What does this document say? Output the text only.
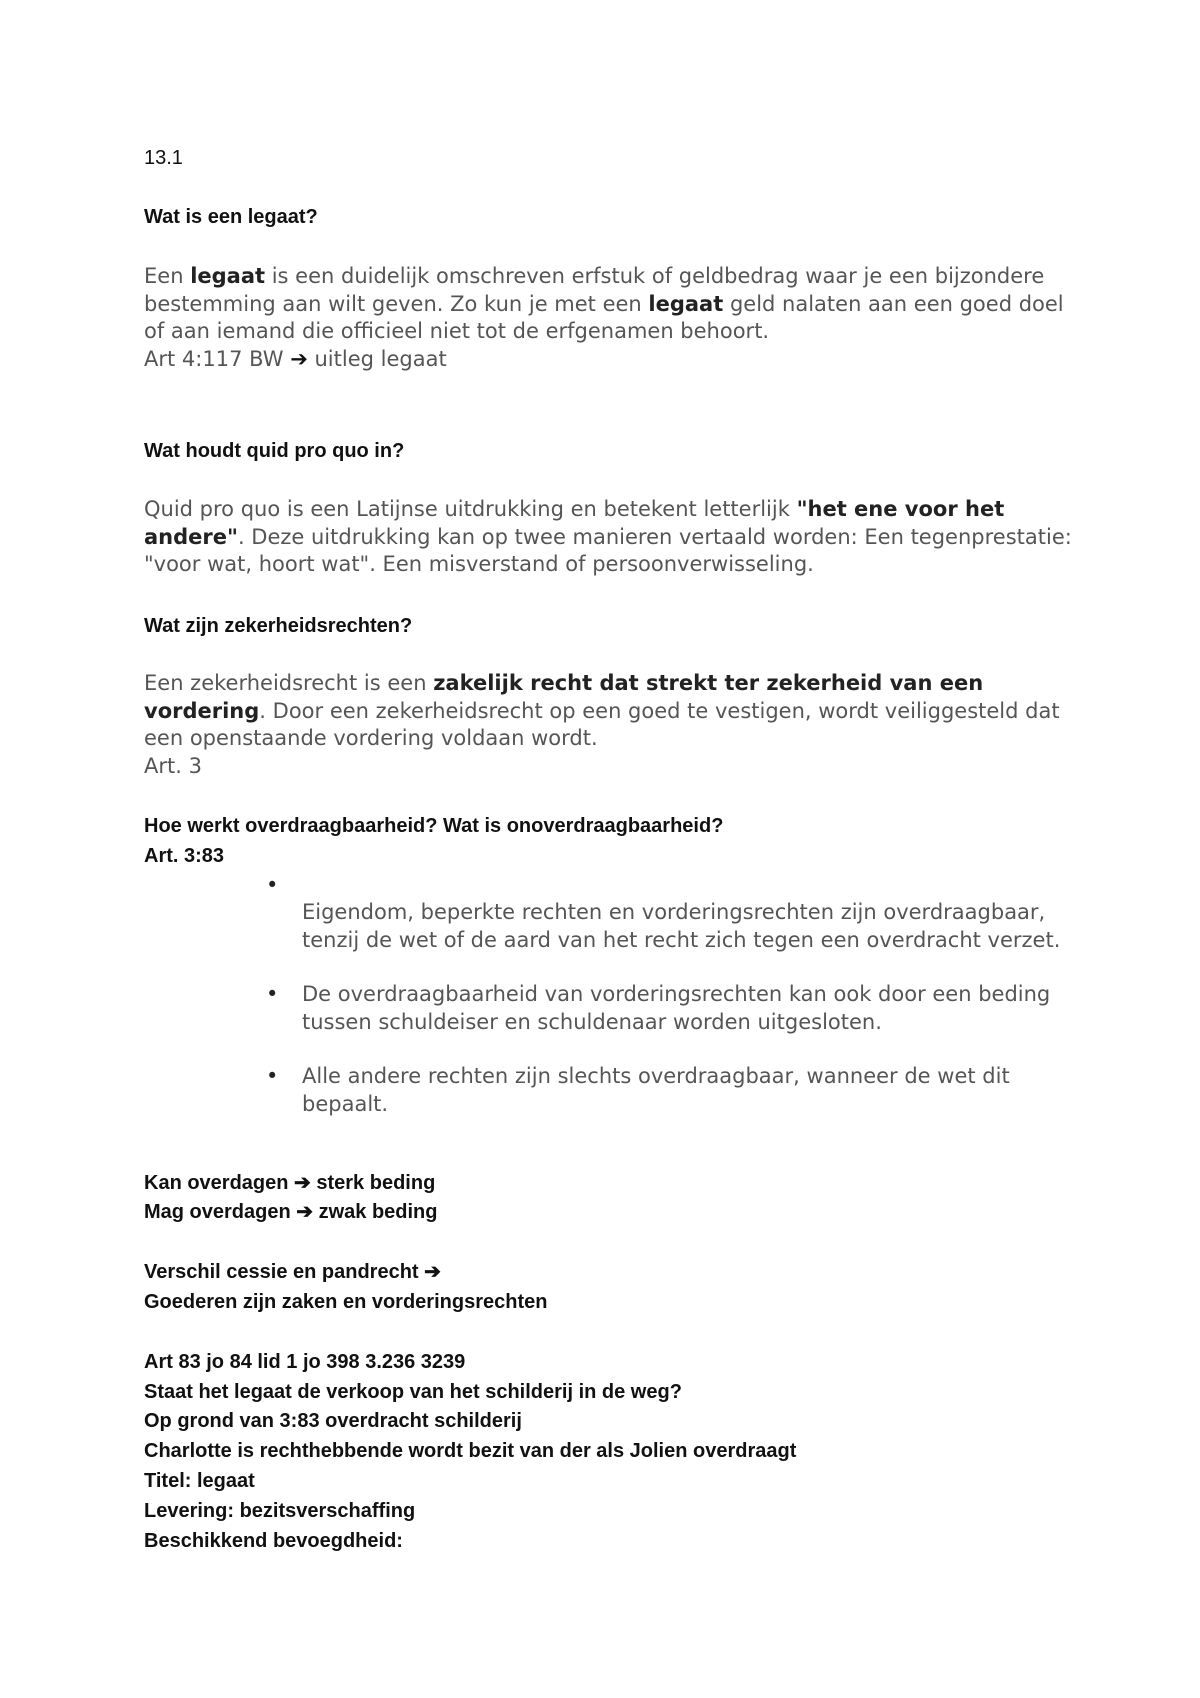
13.1

Wat is een legaat?

Een legaat is een duidelijk omschreven erfstuk of geldbedrag waar je een bijzondere bestemming aan wilt geven. Zo kun je met een legaat geld nalaten aan een goed doel of aan iemand die officieel niet tot de erfgenamen behoort.
Art 4:117 BW ➔ uitleg legaat

Wat houdt quid pro quo in?

Quid pro quo is een Latijnse uitdrukking en betekent letterlijk "het ene voor het andere". Deze uitdrukking kan op twee manieren vertaald worden: Een tegenprestatie: "voor wat, hoort wat". Een misverstand of persoonverwisseling.

Wat zijn zekerheidsrechten?

Een zekerheidsrecht is een zakelijk recht dat strekt ter zekerheid van een vordering. Door een zekerheidsrecht op een goed te vestigen, wordt veiliggesteld dat een openstaande vordering voldaan wordt.
Art. 3

Hoe werkt overdraagbaarheid? Wat is onoverdraagbaarheid?

Art. 3:83

•
Eigendom, beperkte rechten en vorderingsrechten zijn overdraagbaar, tenzij de wet of de aard van het recht zich tegen een overdracht verzet.
• De overdraagbaarheid van vorderingsrechten kan ook door een beding tussen schuldeiser en schuldenaar worden uitgesloten.
• Alle andere rechten zijn slechts overdraagbaar, wanneer de wet dit bepaalt.

Kan overdagen ➔ sterk beding

Mag overdagen ➔ zwak beding

Verschil cessie en pandrecht ➔

Goederen zijn zaken en vorderingsrechten

Art 83 jo 84 lid 1 jo 398 3.236 3239

Staat het legaat de verkoop van het schilderij in de weg?

Op grond van 3:83 overdracht schilderij

Charlotte is rechthebbende wordt bezit van der als Jolien overdraagt

Titel: legaat

Levering: bezitsverschaffing

Beschikkend bevoegdheid:
